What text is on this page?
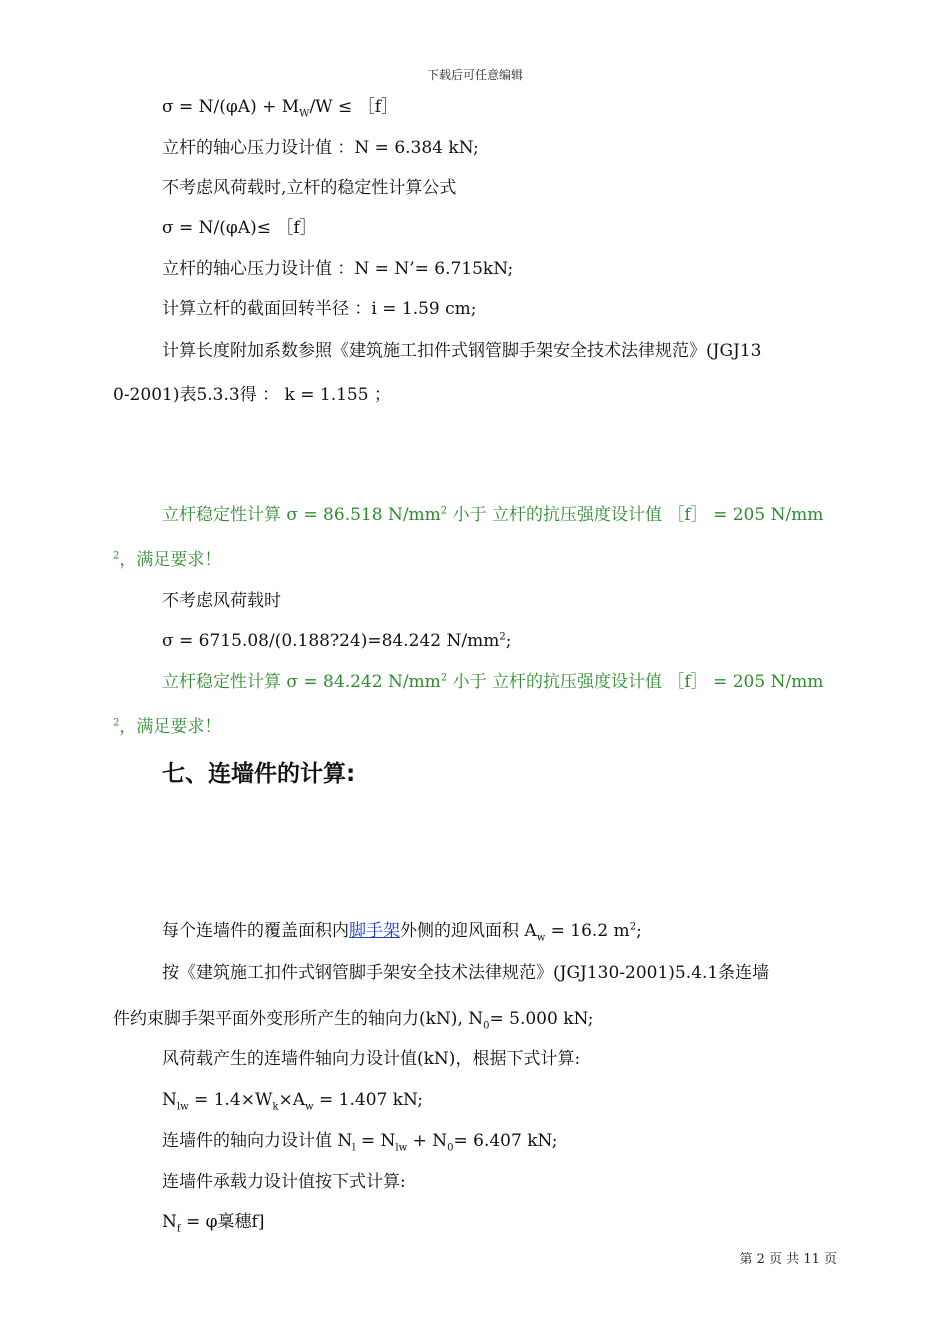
下载后可任意编辑
$\sigma = N/(\varphi A) + M_W/W$ ≤ ［f］
立杆的轴心压力设计值 ：N = 6.384 kN;
不考虑风荷载时,立杆的稳定性计算公式
σ = N/(φA)≤ ［f］
立杆的轴心压力设计值 ：N = N’= 6.715kN;
计算立杆的截面回转半径 ：i = 1.59 cm;
计算长度附加系数参照《建筑施工扣件式钢管脚手架安全技术法律规范》(JGJ13
0-2001)表5.3.3得 ： k = 1.155 ；
立杆稳定性计算 σ = 86.518 $N/mm^2$ 小于 立杆的抗压强度设计值 ［f］ = 205 N/mm
$^2$，满足要求！
不考虑风荷载时
σ = 6715.08/(0.188?24)=84.242 $N/mm^2$;
立杆稳定性计算 σ = 84.242 $N/mm^2$ 小于 立杆的抗压强度设计值 ［f］ = 205 N/mm
$^2$，满足要求！
七、连墙件的计算:
每个连墙件的覆盖面积内脚手架外侧的迎风面积 $A_w = 16.2$ $m^2$;
按《建筑施工扣件式钢管脚手架安全技术法律规范》(JGJ130-2001)5.4.1条连墙
件约束脚手架平面外变形所产生的轴向力(kN), $N_0= 5.000$ kN;
风荷载产生的连墙件轴向力设计值(kN)，根据下式计算:
$N_{lw} = 1.4\times W_k\times A_w = 1.407$ kN;
连墙件的轴向力设计值 $N_l = N_{lw} + N_0= 6.407$ kN;
连墙件承载力设计值按下式计算:
$N_f = \varphi$稟穗f]
第 2 页 共 11 页
